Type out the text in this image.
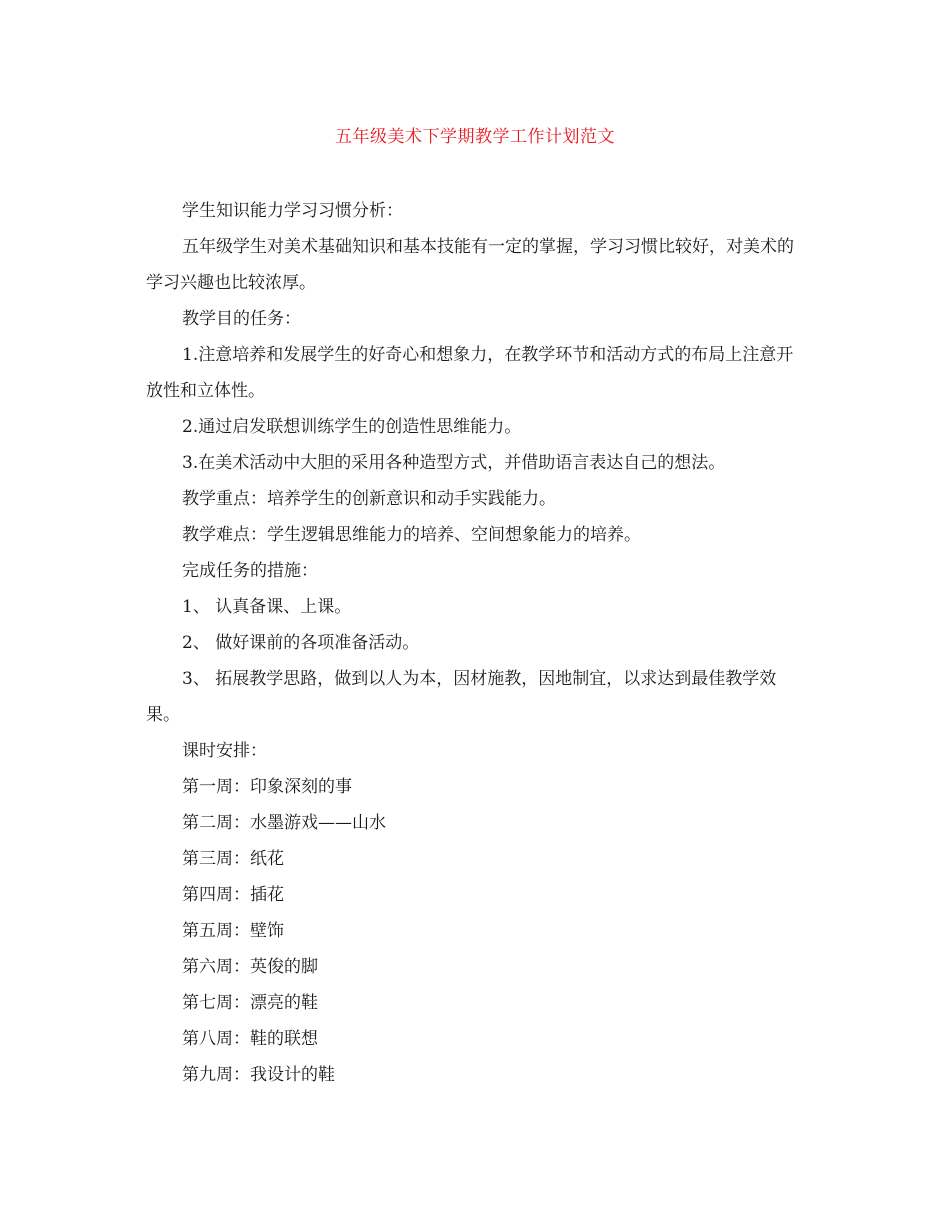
五年级美术下学期教学工作计划范文

学生知识能力学习习惯分析：

五年级学生对美术基础知识和基本技能有一定的掌握，学习习惯比较好，对美术的学习兴趣也比较浓厚。

教学目的任务：

1.注意培养和发展学生的好奇心和想象力，在教学环节和活动方式的布局上注意开放性和立体性。

2.通过启发联想训练学生的创造性思维能力。

3.在美术活动中大胆的采用各种造型方式，并借助语言表达自己的想法。

教学重点：培养学生的创新意识和动手实践能力。

教学难点：学生逻辑思维能力的培养、空间想象能力的培养。

完成任务的措施：

1、 认真备课、上课。

2、 做好课前的各项准备活动。

3、 拓展教学思路，做到以人为本，因材施教，因地制宜，以求达到最佳教学效果。

课时安排：

第一周：印象深刻的事

第二周：水墨游戏——山水

第三周：纸花

第四周：插花

第五周：壁饰

第六周：英俊的脚

第七周：漂亮的鞋

第八周：鞋的联想

第九周：我设计的鞋
